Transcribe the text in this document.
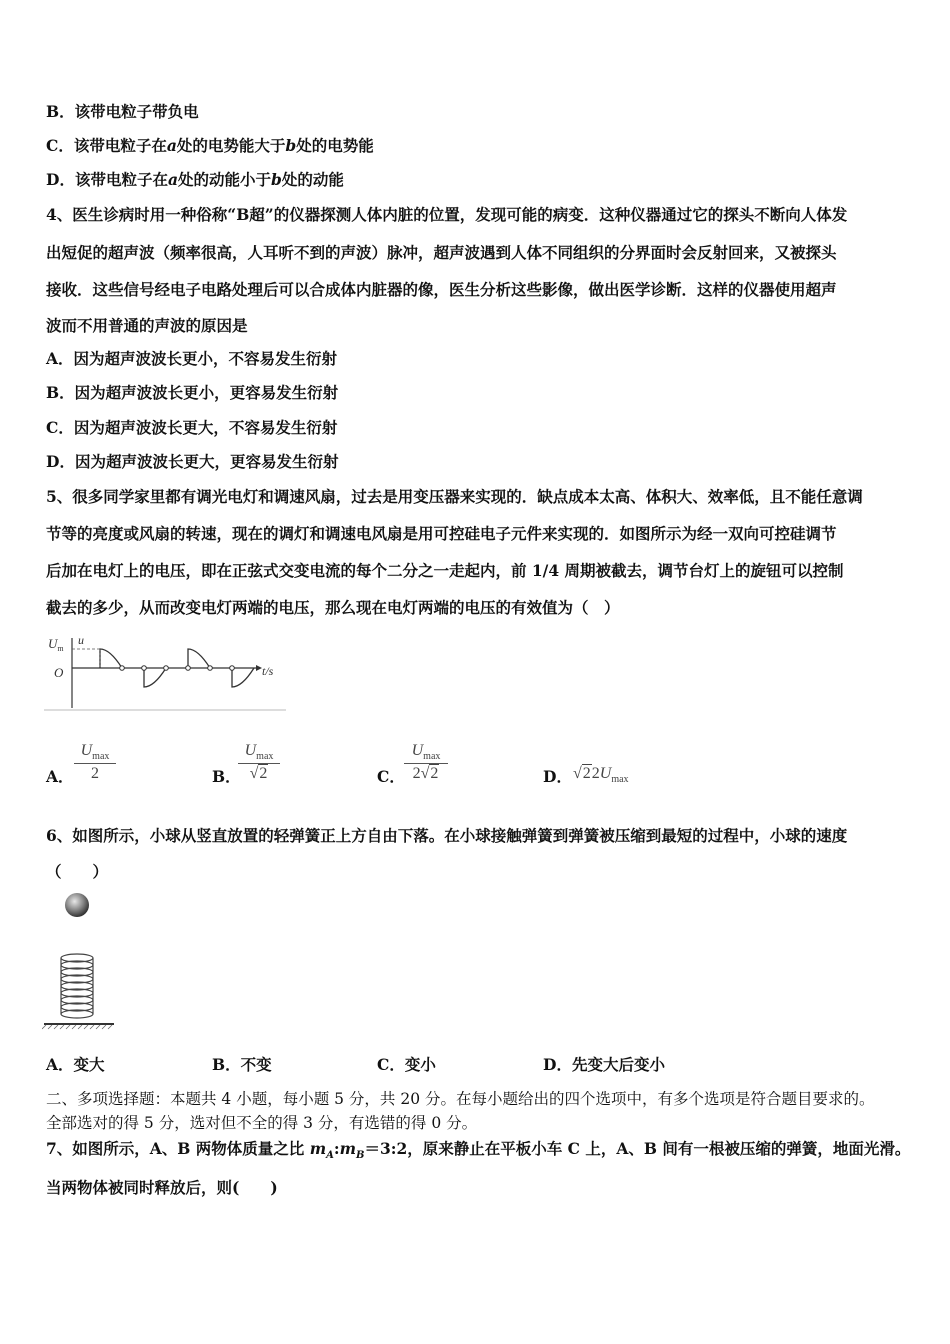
B．该带电粒子带负电
C．该带电粒子在a处的电势能大于b处的电势能
D．该带电粒子在a处的动能小于b处的动能
4、医生诊病时用一种俗称“B超”的仪器探测人体内脏的位置，发现可能的病变．这种仪器通过它的探头不断向人体发
出短促的超声波（频率很高，人耳听不到的声波）脉冲，超声波遇到人体不同组织的分界面时会反射回来，又被探头
接收．这些信号经电子电路处理后可以合成体内脏器的像，医生分析这些影像，做出医学诊断．这样的仪器使用超声
波而不用普通的声波的原因是
A．因为超声波波长更小，不容易发生衍射
B．因为超声波波长更小，更容易发生衍射
C．因为超声波波长更大，不容易发生衍射
D．因为超声波波长更大，更容易发生衍射
5、很多同学家里都有调光电灯和调速风扇，过去是用变压器来实现的．缺点成本太高、体积大、效率低，且不能任意调
节等的亮度或风扇的转速，现在的调灯和调速电风扇是用可控硅电子元件来实现的．如图所示为经一双向可控硅调节
后加在电灯上的电压，即在正弦式交变电流的每个二分之一走起内，前 1/4 周期被截去，调节台灯上的旋钮可以控制
截去的多少，从而改变电灯两端的电压，那么现在电灯两端的电压的有效值为（　）
$U_m$
u
O	t/s
A．
$U_{max}$
2	B．
$U_{max}$
√2	C．
$U_{max}$
2√2	D． $√22U_{max}$
6、如图所示，小球从竖直放置的轻弹簧正上方自由下落。在小球接触弹簧到弹簧被压缩到最短的过程中，小球的速度
（　　）
A．变大	B．不变	C．变小	D．先变大后变小
二、多项选择题：本题共 4 小题，每小题 5 分，共 20 分。在每小题给出的四个选项中，有多个选项是符合题目要求的。
全部选对的得 5 分，选对但不全的得 3 分，有选错的得 0 分。
7、如图所示，A、B 两物体质量之比 $m_A:m_B=3:2$，原来静止在平板小车 C 上，A、B 间有一根被压缩的弹簧，地面光滑。
当两物体被同时释放后，则(　　)
